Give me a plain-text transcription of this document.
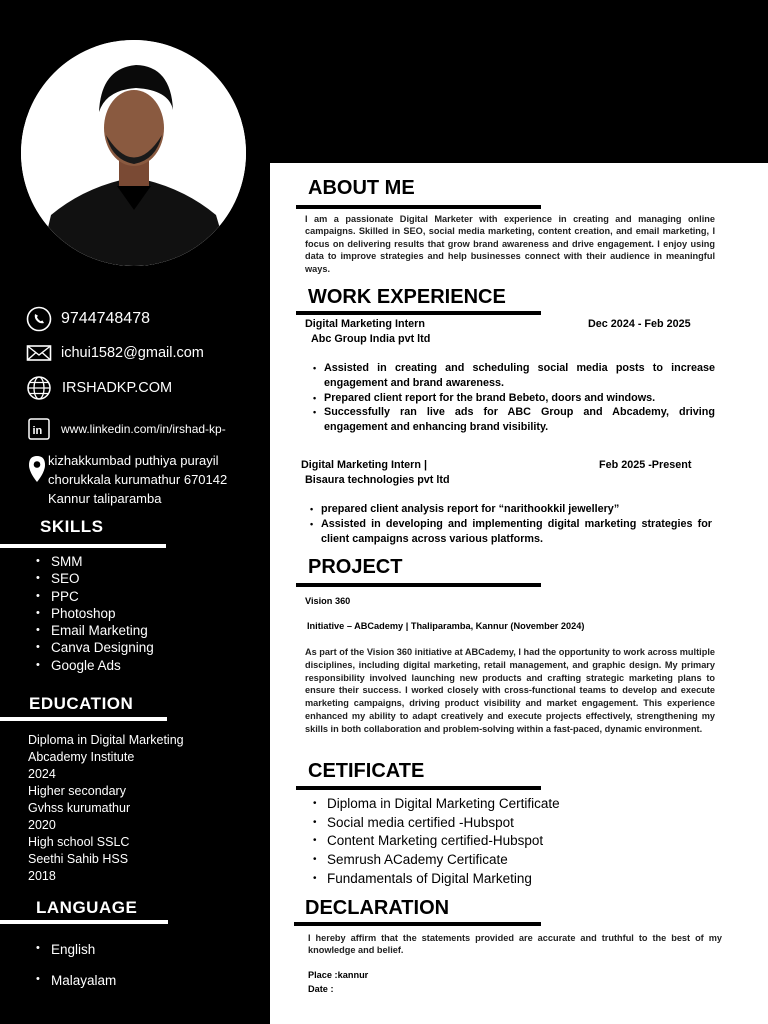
IRSHAD KP
DIGITAL MARKETER
9744748478
ichui1582@gmail.com
IRSHADKP.COM
in www.linkedin.com/in/irshad-kp-
kizhakkumbad puthiya purayil
chorukkala kurumathur 670142
Kannur taliparamba
SKILLS
• SMM
• SEO
• PPC
• Photoshop
• Email Marketing
• Canva Designing
• Google Ads
EDUCATION
Diploma in Digital Marketing
Abcademy Institute
2024
Higher secondary
Gvhss kurumathur
2020
High school SSLC
Seethi Sahib HSS
2018
LANGUAGE
• English
• Malayalam
ABOUT ME
I am a passionate Digital Marketer with experience in creating and managing online campaigns. Skilled in SEO, social media marketing, content creation, and email marketing, I focus on delivering results that grow brand awareness and drive engagement. I enjoy using data to improve strategies and help businesses connect with their audience in meaningful ways.
WORK EXPERIENCE
Digital Marketing Intern	Dec 2024 - Feb 2025
Abc Group India pvt ltd
• Assisted in creating and scheduling social media posts to increase engagement and brand awareness.
• Prepared client report for the brand Bebeto, doors and windows.
• Successfully ran live ads for ABC Group and Abcademy, driving engagement and enhancing brand visibility.
Digital Marketing Intern |	Feb 2025 -Present
Bisaura technologies pvt ltd
• prepared client analysis report for “narithookkil jewellery”
• Assisted in developing and implementing digital marketing strategies for client campaigns across various platforms.
PROJECT
Vision 360
Initiative – ABCademy | Thaliparamba, Kannur (November 2024)
As part of the Vision 360 initiative at ABCademy, I had the opportunity to work across multiple disciplines, including digital marketing, retail management, and graphic design. My primary responsibility involved launching new products and crafting strategic marketing plans to ensure their success. I worked closely with cross-functional teams to develop and execute marketing campaigns, driving product visibility and market engagement. This experience enhanced my ability to adapt creatively and execute projects effectively, strengthening my skills in both collaboration and problem-solving within a fast-paced, dynamic environment.
CETIFICATE
• Diploma in Digital Marketing Certificate
• Social media certified -Hubspot
• Content Marketing certified-Hubspot
• Semrush ACademy Certificate
• Fundamentals of Digital Marketing
DECLARATION
I hereby affirm that the statements provided are accurate and truthful to the best of my knowledge and belief.
Place :kannur
Date :
